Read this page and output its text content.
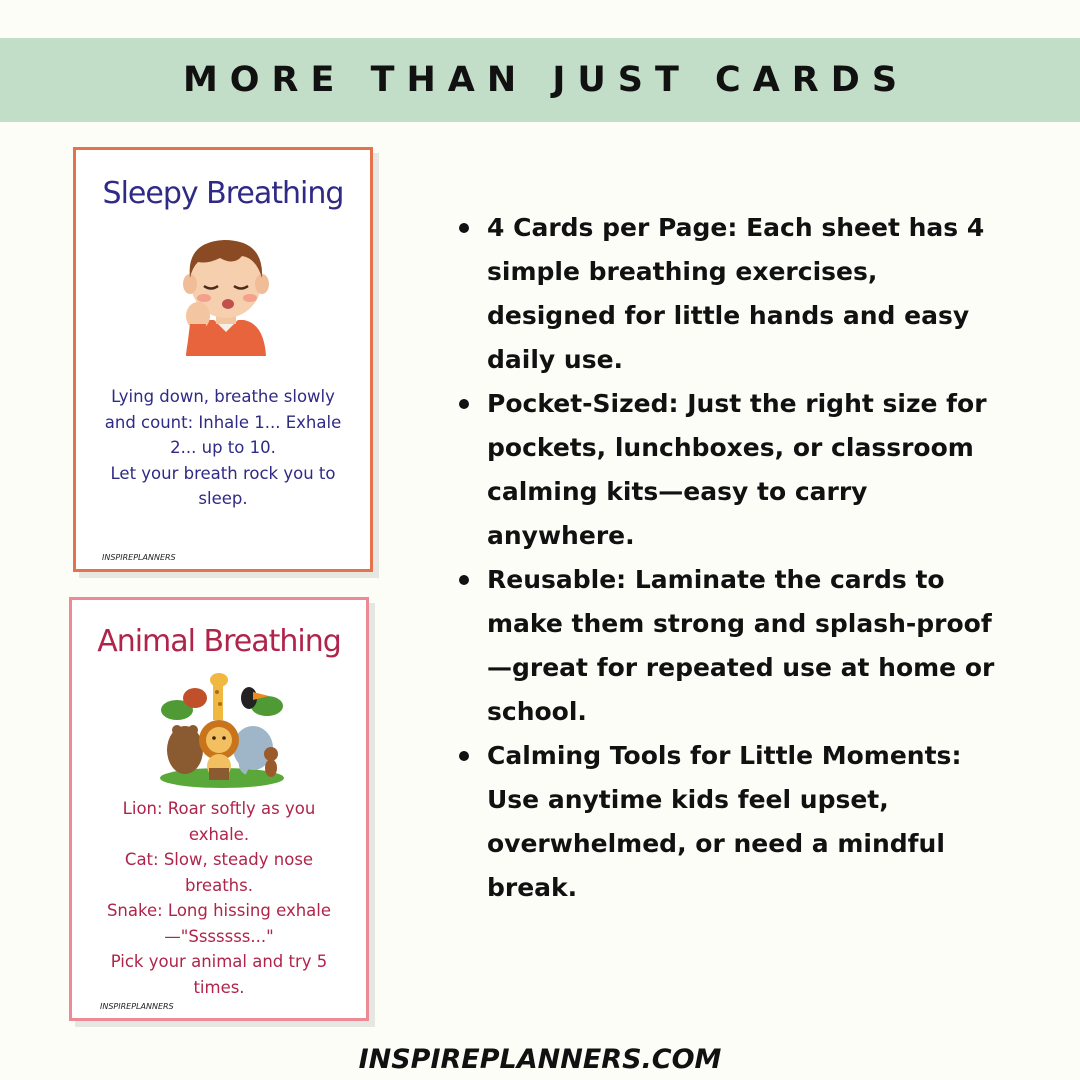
MORE THAN JUST CARDS
Sleepy Breathing
Lying down, breathe slowly
and count: Inhale 1... Exhale
2... up to 10.
Let your breath rock you to
sleep.
INSPIREPLANNERS
Animal Breathing
Lion: Roar softly as you
exhale.
Cat: Slow, steady nose
breaths.
Snake: Long hissing exhale
—"Sssssss..."
Pick your animal and try 5
times.
INSPIREPLANNERS
4 Cards per Page: Each sheet has 4
simple breathing exercises,
designed for little hands and easy
daily use.
Pocket-Sized: Just the right size for
pockets, lunchboxes, or classroom
calming kits—easy to carry
anywhere.
Reusable: Laminate the cards to
make them strong and splash-proof
—great for repeated use at home or
school.
Calming Tools for Little Moments:
Use anytime kids feel upset,
overwhelmed, or need a mindful
break.
INSPIREPLANNERS.COM
